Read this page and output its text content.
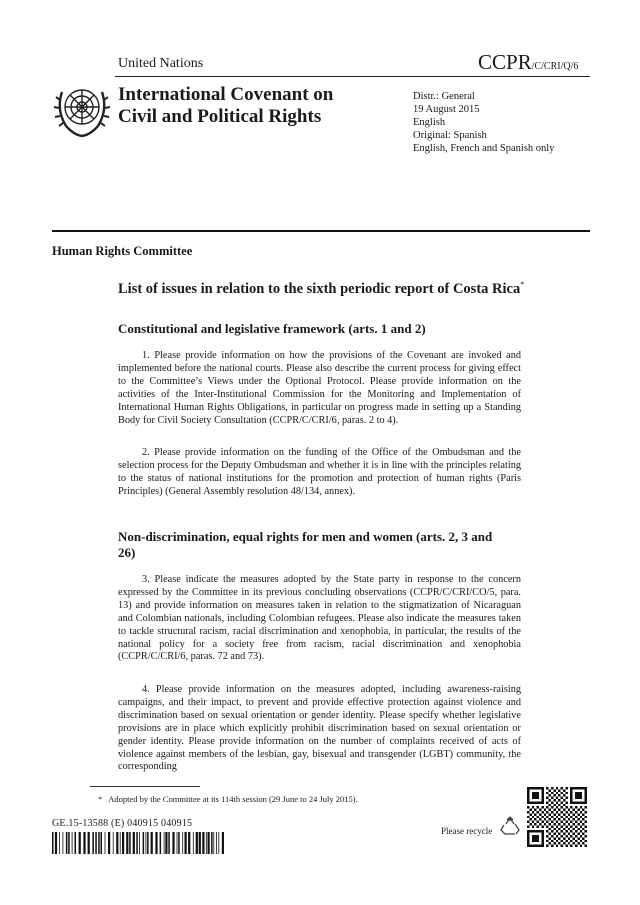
United Nations	CCPR/C/CRI/Q/6
International Covenant on
Civil and Political Rights
Distr.: General
19 August 2015
English
Original: Spanish
English, French and Spanish only
Human Rights Committee
List of issues in relation to the sixth periodic report of Costa Rica*
Constitutional and legislative framework (arts. 1 and 2)
1. Please provide information on how the provisions of the Covenant are invoked and implemented before the national courts. Please also describe the current process for giving effect to the Committee’s Views under the Optional Protocol. Please provide information on the activities of the Inter-Institutional Commission for the Monitoring and Implementation of International Human Rights Obligations, in particular on progress made in setting up a Standing Body for Civil Society Consultation (CCPR/C/CRI/6, paras. 2 to 4).
2. Please provide information on the funding of the Office of the Ombudsman and the selection process for the Deputy Ombudsman and whether it is in line with the principles relating to the status of national institutions for the promotion and protection of human rights (Paris Principles) (General Assembly resolution 48/134, annex).
Non-discrimination, equal rights for men and women (arts. 2, 3 and 26)
3. Please indicate the measures adopted by the State party in response to the concern expressed by the Committee in its previous concluding observations (CCPR/C/CRI/CO/5, para. 13) and provide information on measures taken in relation to the stigmatization of Nicaraguan and Colombian nationals, including Colombian refugees. Please also indicate the measures taken to tackle structural racism, racial discrimination and xenophobia, in particular, the results of the national policy for a society free from racism, racial discrimination and xenophobia (CCPR/C/CRI/6, paras. 72 and 73).
4. Please provide information on the measures adopted, including awareness-raising campaigns, and their impact, to prevent and provide effective protection against violence and discrimination based on sexual orientation or gender identity. Please specify whether legislative provisions are in place which explicitly prohibit discrimination based on sexual orientation or gender identity. Please provide information on the number of complaints received of acts of violence against members of the lesbian, gay, bisexual and transgender (LGBT) community, the corresponding
* Adopted by the Committee at its 114th session (29 June to 24 July 2015).
GE.15-13588 (E) 040915 040915
Please recycle
